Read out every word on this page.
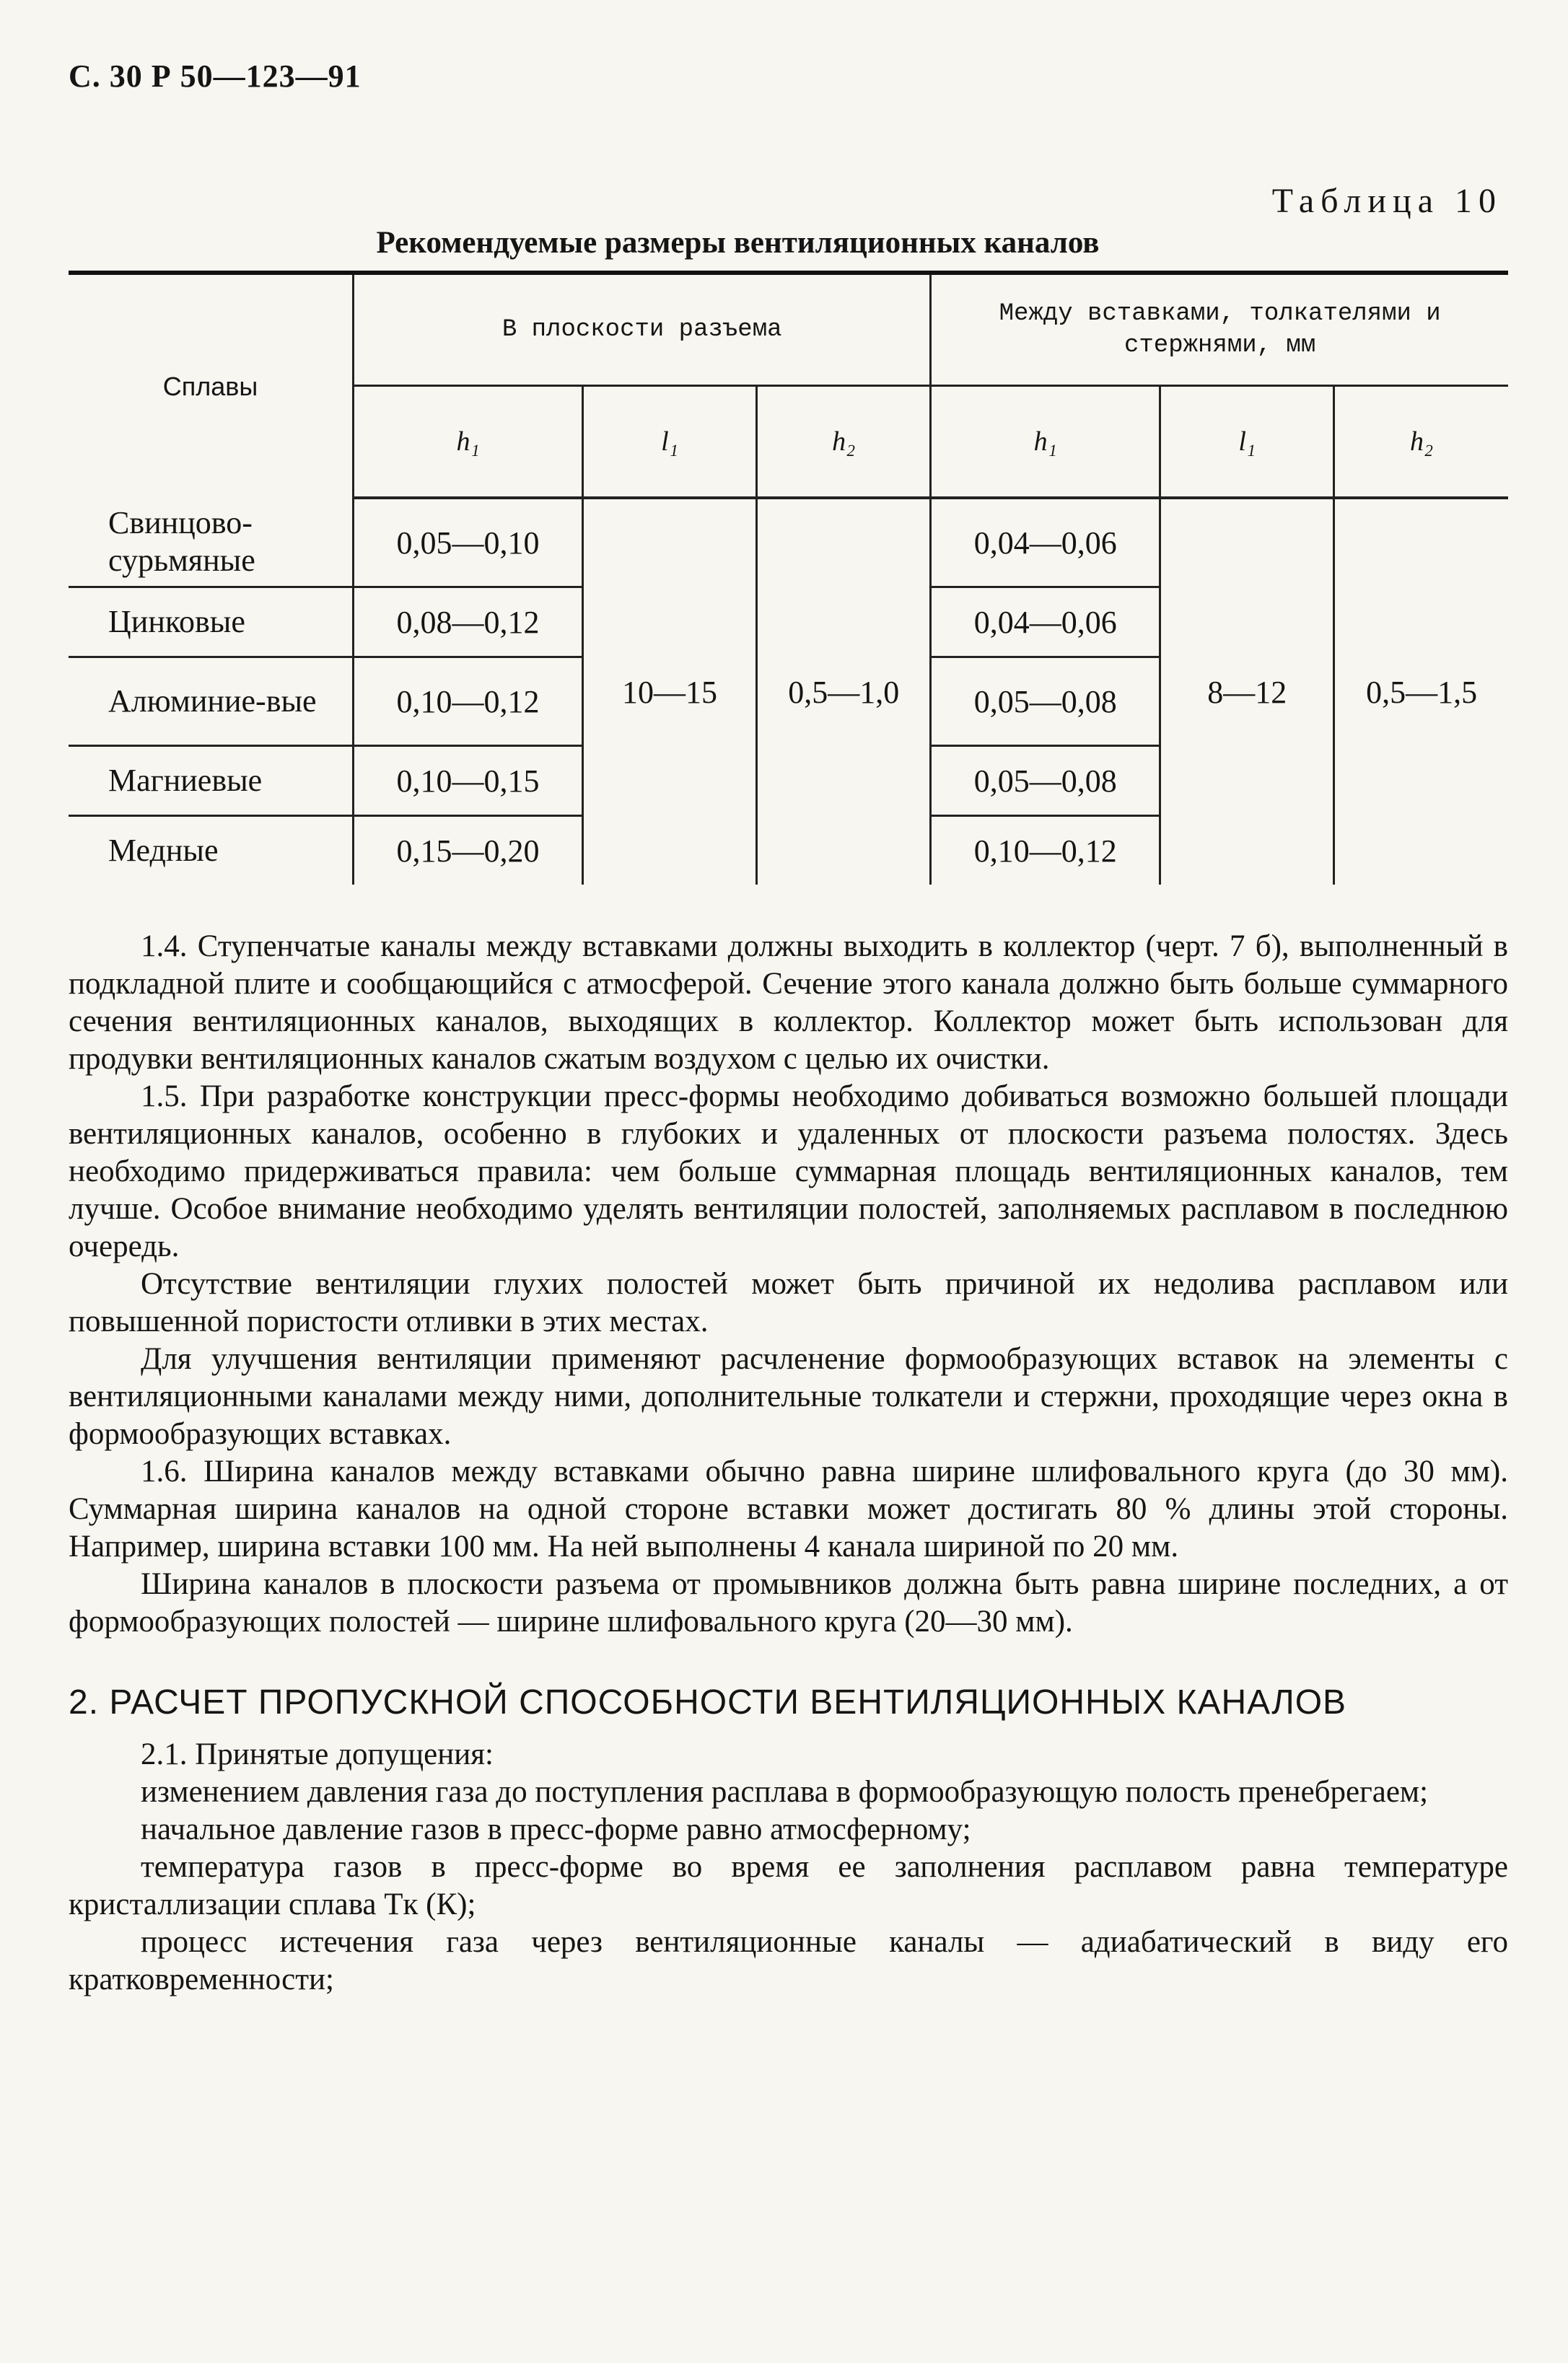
С. 30 Р 50—123—91
Таблица 10
Рекомендуемые размеры вентиляционных каналов
Сплавы	В плоскости разъема			Между вставками, толкателями и стержнями, мм		
	h₁	l₁	h₂	h₁	l₁	h₂
Свинцово-сурьмяные	0,05—0,10	10—15	0,5—1,0	0,04—0,06	8—12	0,5—1,5
Цинковые	0,08—0,12			0,04—0,06		
Алюминие-вые	0,10—0,12			0,05—0,08		
Магниевые	0,10—0,15			0,05—0,08		
Медные	0,15—0,20			0,10—0,12		

1.4. Ступенчатые каналы между вставками должны выходить в коллектор (черт. 7 б), выполненный в подкладной плите и сообщающийся с атмосферой. Сечение этого канала должно быть больше суммарного сечения вентиляционных каналов, выходящих в коллектор. Коллектор может быть использован для продувки вентиляционных каналов сжатым воздухом с целью их очистки.

1.5. При разработке конструкции пресс-формы необходимо добиваться возможно большей площади вентиляционных каналов, особенно в глубоких и удаленных от плоскости разъема полостях. Здесь необходимо придерживаться правила: чем больше суммарная площадь вентиляционных каналов, тем лучше. Особое внимание необходимо уделять вентиляции полостей, заполняемых расплавом в последнюю очередь.

Отсутствие вентиляции глухих полостей может быть причиной их недолива расплавом или повышенной пористости отливки в этих местах.

Для улучшения вентиляции применяют расчленение формообразующих вставок на элементы с вентиляционными каналами между ними, дополнительные толкатели и стержни, проходящие через окна в формообразующих вставках.

1.6. Ширина каналов между вставками обычно равна ширине шлифовального круга (до 30 мм). Суммарная ширина каналов на одной стороне вставки может достигать 80 % длины этой стороны. Например, ширина вставки 100 мм. На ней выполнены 4 канала шириной по 20 мм.

Ширина каналов в плоскости разъема от промывников должна быть равна ширине последних, а от формообразующих полостей — ширине шлифовального круга (20—30 мм).

2. РАСЧЕТ ПРОПУСКНОЙ СПОСОБНОСТИ ВЕНТИЛЯЦИОННЫХ КАНАЛОВ

2.1. Принятые допущения:

изменением давления газа до поступления расплава в формообразующую полость пренебрегаем;

начальное давление газов в пресс-форме равно атмосферному;

температура газов в пресс-форме во время ее заполнения расплавом равна температуре кристаллизации сплава Tк (К);

процесс истечения газа через вентиляционные каналы — адиабатический в виду его кратковременности;
